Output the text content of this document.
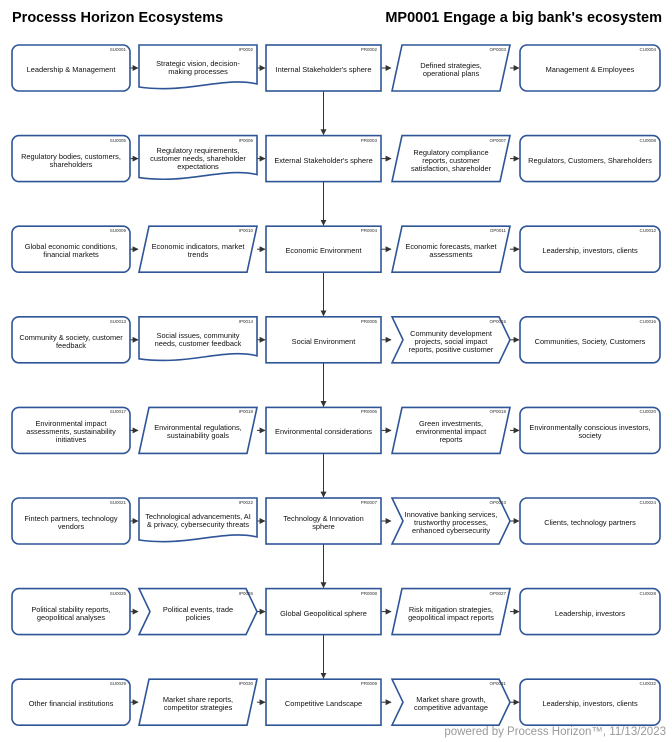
Processs Horizon Ecosystems	MP0001 Engage a big bank's ecosystem
SU0001
Leadership & Management
IP0002
Strategic vision, decision-making processes
PR0002
Internal Stakeholder's sphere
OP0003
Defined strategies, operational plans
CU0004
Management & Employees
SU0005
Regulatory bodies, customers, shareholders
IP0006
Regulatory requirements, customer needs, shareholder expectations
PR0003
External Stakeholder's sphere
OP0007
Regulatory compliance reports, customer satisfaction, shareholder
CU0008
Regulators, Customers, Shareholders
SU0009
Global economic conditions, financial markets
IP0010
Economic indicators, market trends
PR0004
Economic Environment
OP0011
Economic forecasts, market assessments
CU0012
Leadership, investors, clients
SU0013
Community & society, customer feedback
IP0014
Social issues, community needs, customer feedback
PR0005
Social Environment
OP0015
Community development projects, social impact reports, positive customer
CU0016
Communities, Society, Customers
SU0017
Environmental impact assessments, sustainability initiatives
IP0018
Environmental regulations, sustainability goals
PR0006
Environmental considerations
OP0019
Green investments, environmental impact reports
CU0020
Environmentally conscious investors, society
SU0021
Fintech partners, technology vendors
IP0022
Technological advancements, AI & privacy, cybersecurity threats
PR0007
Technology & Innovation sphere
OP0023
Innovative banking services, trustworthy processes, enhanced cybersecurity
CU0024
Clients, technology partners
SU0025
Political stability reports, geopolitical analyses
IP0026
Political events, trade policies
PR0008
Global Geopolitical sphere
OP0027
Risk mitigation strategies, geopolitical impact reports
CU0028
Leadership, investors
SU0029
Other financial institutions
IP0030
Market share reports, competitor strategies
PR0009
Competitive Landscape
OP0031
Market share growth, competitive advantage
CU0032
Leadership, investors, clients
powered by Process Horizon™, 11/13/2023
